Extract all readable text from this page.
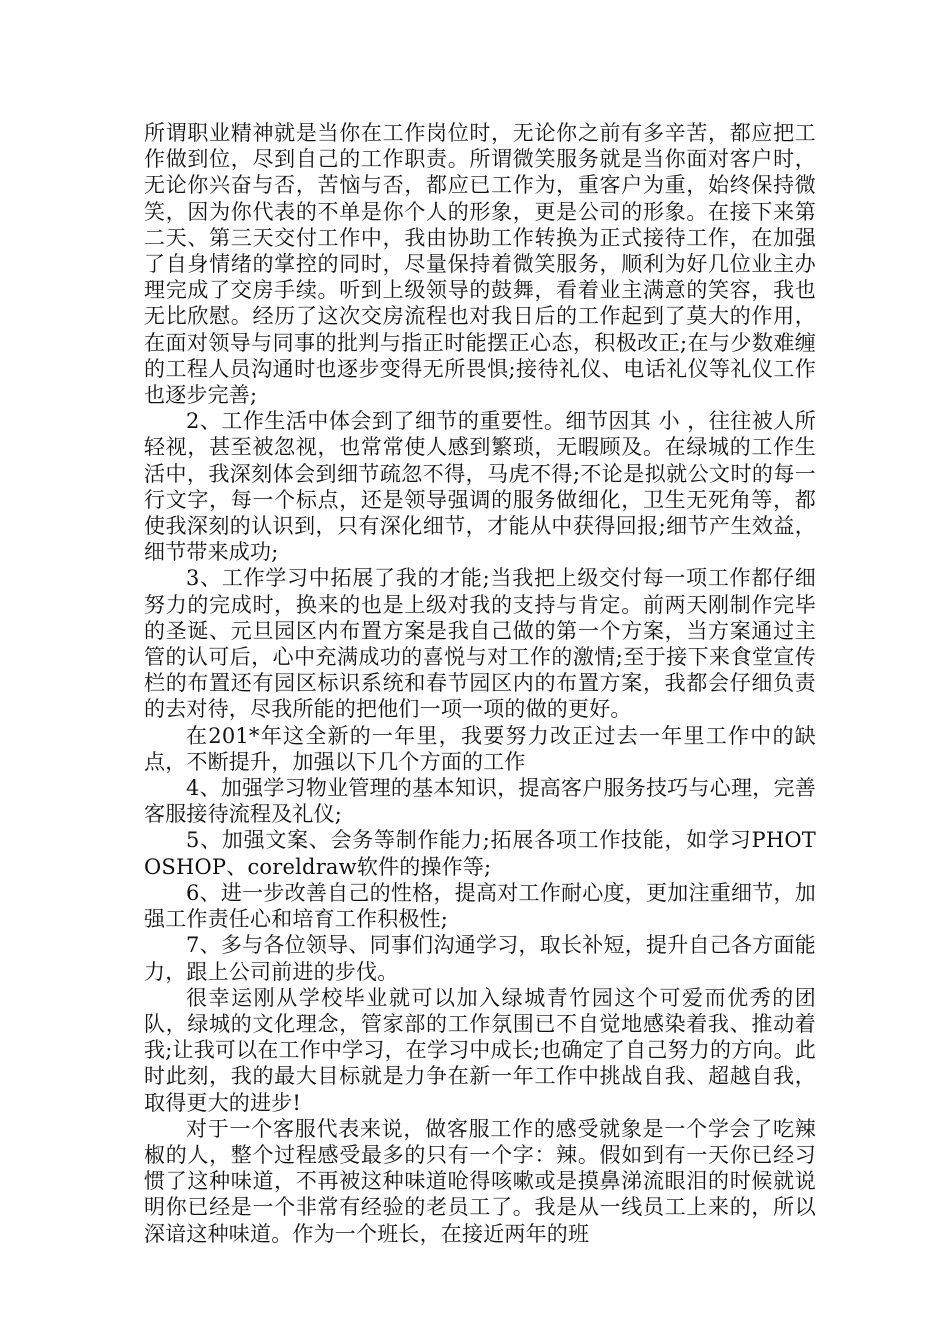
所谓职业精神就是当你在工作岗位时，无论你之前有多辛苦，都应把工作做到位，尽到自己的工作职责。所谓微笑服务就是当你面对客户时，无论你兴奋与否，苦恼与否，都应已工作为，重客户为重，始终保持微笑，因为你代表的不单是你个人的形象，更是公司的形象。在接下来第二天、第三天交付工作中，我由协助工作转换为正式接待工作，在加强了自身情绪的掌控的同时，尽量保持着微笑服务，顺利为好几位业主办理完成了交房手续。听到上级领导的鼓舞，看着业主满意的笑容，我也无比欣慰。经历了这次交房流程也对我日后的工作起到了莫大的作用，在面对领导与同事的批判与指正时能摆正心态，积极改正;在与少数难缠的工程人员沟通时也逐步变得无所畏惧;接待礼仪、电话礼仪等礼仪工作也逐步完善;

2、工作生活中体会到了细节的重要性。细节因其 小 ，往往被人所轻视，甚至被忽视，也常常使人感到繁琐，无暇顾及。在绿城的工作生活中，我深刻体会到细节疏忽不得，马虎不得;不论是拟就公文时的每一行文字，每一个标点，还是领导强调的服务做细化，卫生无死角等，都使我深刻的认识到，只有深化细节，才能从中获得回报;细节产生效益，细节带来成功;

3、工作学习中拓展了我的才能;当我把上级交付每一项工作都仔细努力的完成时，换来的也是上级对我的支持与肯定。前两天刚制作完毕的圣诞、元旦园区内布置方案是我自己做的第一个方案，当方案通过主管的认可后，心中充满成功的喜悦与对工作的激情;至于接下来食堂宣传栏的布置还有园区标识系统和春节园区内的布置方案，我都会仔细负责的去对待，尽我所能的把他们一项一项的做的更好。

在201*年这全新的一年里，我要努力改正过去一年里工作中的缺点，不断提升，加强以下几个方面的工作

4、加强学习物业管理的基本知识，提高客户服务技巧与心理，完善客服接待流程及礼仪;

5、加强文案、会务等制作能力;拓展各项工作技能，如学习PHOTOSHOP、coreldraw软件的操作等;

6、进一步改善自己的性格，提高对工作耐心度，更加注重细节，加强工作责任心和培育工作积极性;

7、多与各位领导、同事们沟通学习，取长补短，提升自己各方面能力，跟上公司前进的步伐。

很幸运刚从学校毕业就可以加入绿城青竹园这个可爱而优秀的团队，绿城的文化理念，管家部的工作氛围已不自觉地感染着我、推动着我;让我可以在工作中学习，在学习中成长;也确定了自己努力的方向。此时此刻，我的最大目标就是力争在新一年工作中挑战自我、超越自我，取得更大的进步!

对于一个客服代表来说，做客服工作的感受就象是一个学会了吃辣椒的人，整个过程感受最多的只有一个字：辣。假如到有一天你已经习惯了这种味道，不再被这种味道呛得咳嗽或是摸鼻涕流眼泪的时候就说明你已经是一个非常有经验的老员工了。我是从一线员工上来的，所以深谙这种味道。作为一个班长，在接近两年的班
